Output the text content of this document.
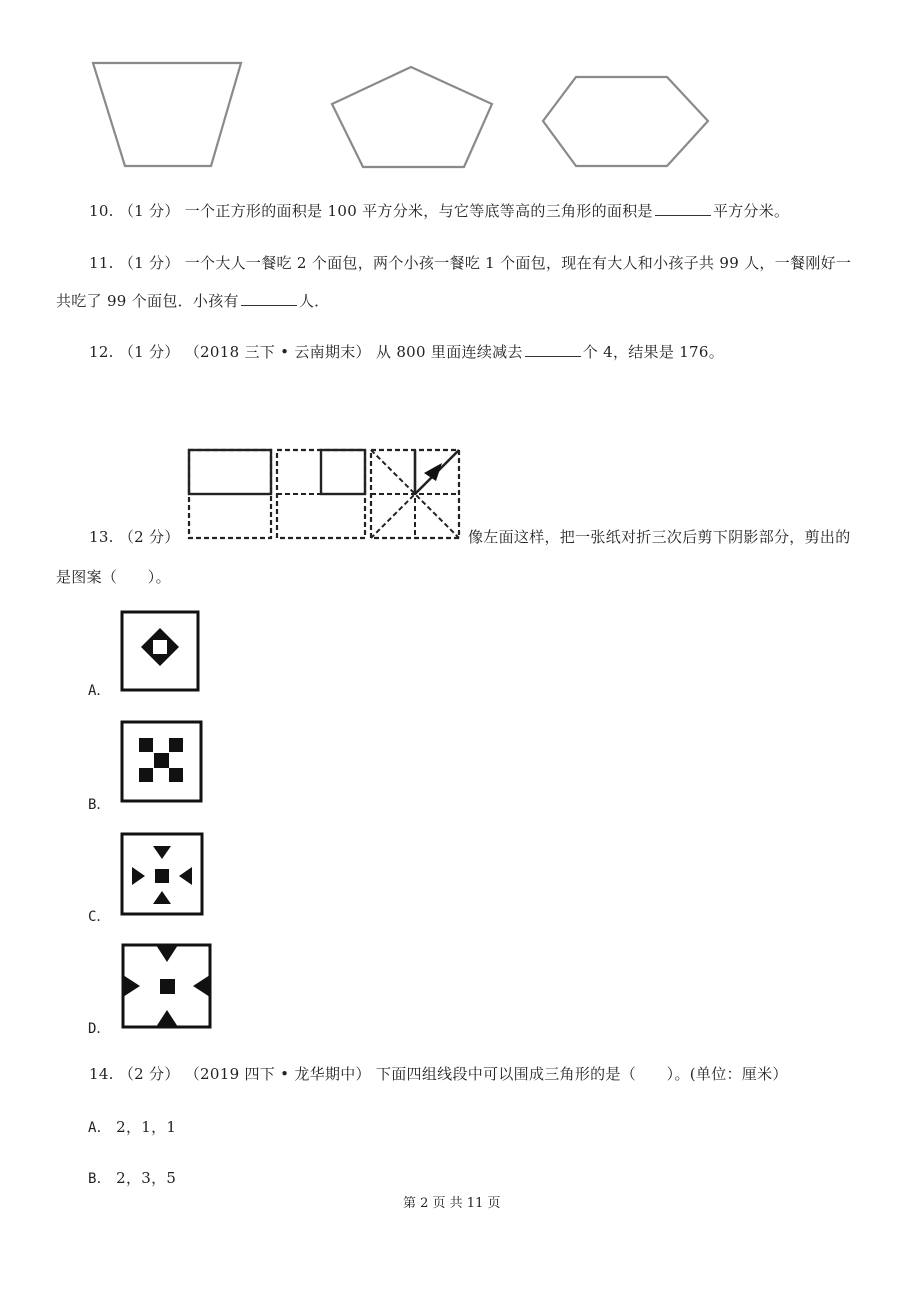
10. （1 分） 一个正方形的面积是 100 平方分米，与它等底等高的三角形的面积是	平方分米。
11. （1 分） 一个大人一餐吃 2 个面包，两个小孩一餐吃 1 个面包，现在有大人和小孩子共 99 人，一餐刚好一
共吃了 99 个面包．小孩有	人．
12. （1 分） （2018 三下 • 云南期末） 从 800 里面连续减去	个 4，结果是 176。
13. （2 分）	像左面这样，把一张纸对折三次后剪下阴影部分，剪出的
是图案（　　）。
A．
B．
C．
D．
14. （2 分） （2019 四下 • 龙华期中） 下面四组线段中可以围成三角形的是（　　）。(单位：厘米）
A． 2，1，1
B． 2，3，5
第 2 页 共 11 页
